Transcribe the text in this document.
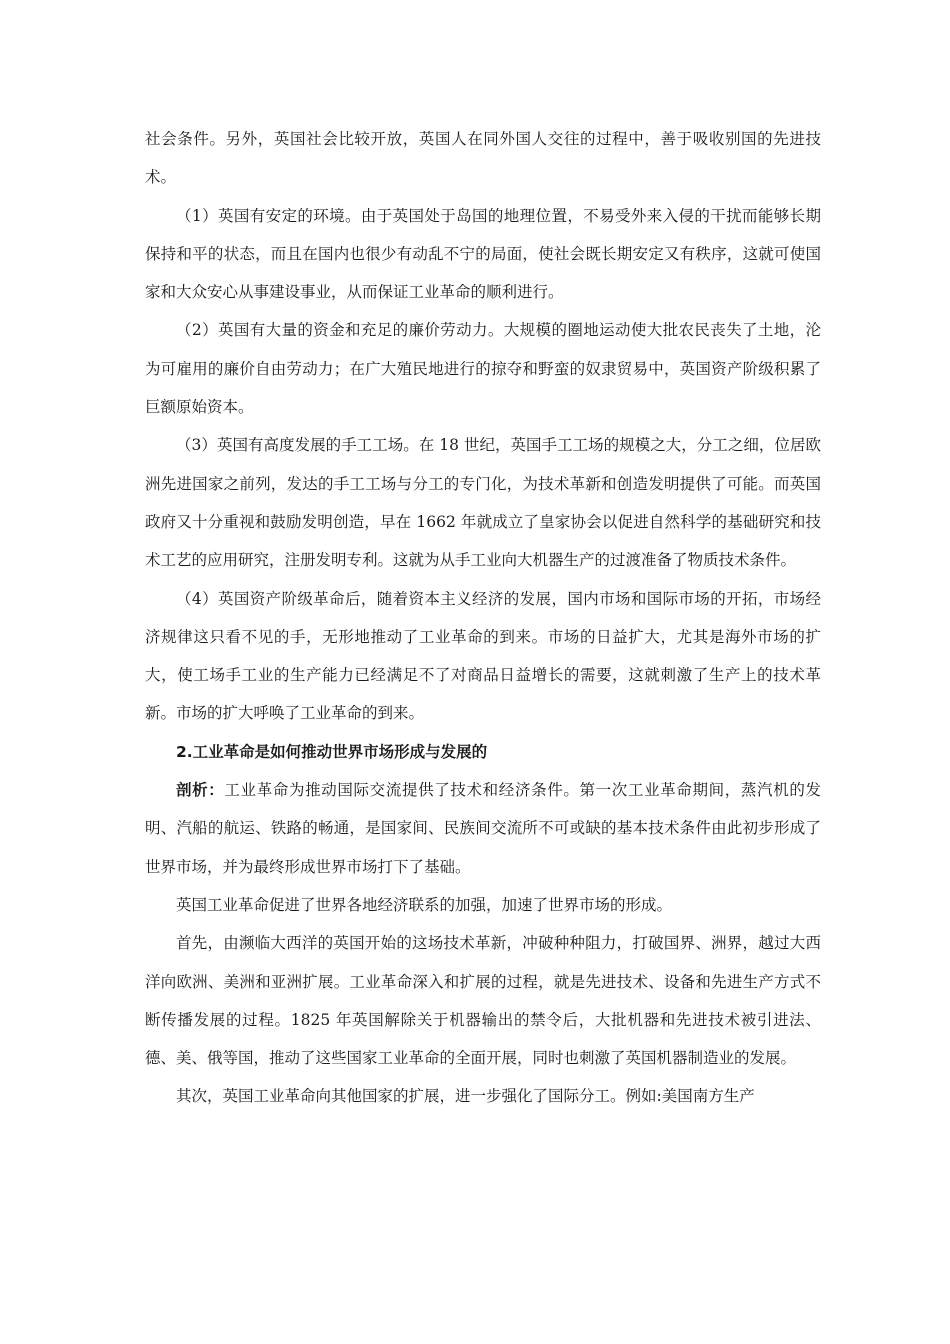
社会条件。另外，英国社会比较开放，英国人在同外国人交往的过程中，善于吸收别国的先进技术。

（1）英国有安定的环境。由于英国处于岛国的地理位置，不易受外来入侵的干扰而能够长期保持和平的状态，而且在国内也很少有动乱不宁的局面，使社会既长期安定又有秩序，这就可使国家和大众安心从事建设事业，从而保证工业革命的顺利进行。

（2）英国有大量的资金和充足的廉价劳动力。大规模的圈地运动使大批农民丧失了土地，沦为可雇用的廉价自由劳动力；在广大殖民地进行的掠夺和野蛮的奴隶贸易中，英国资产阶级积累了巨额原始资本。

（3）英国有高度发展的手工工场。在 18 世纪，英国手工工场的规模之大，分工之细，位居欧洲先进国家之前列，发达的手工工场与分工的专门化，为技术革新和创造发明提供了可能。而英国政府又十分重视和鼓励发明创造，早在 1662 年就成立了皇家协会以促进自然科学的基础研究和技术工艺的应用研究，注册发明专利。这就为从手工业向大机器生产的过渡准备了物质技术条件。

（4）英国资产阶级革命后，随着资本主义经济的发展，国内市场和国际市场的开拓，市场经济规律这只看不见的手，无形地推动了工业革命的到来。市场的日益扩大，尤其是海外市场的扩大，使工场手工业的生产能力已经满足不了对商品日益增长的需要，这就刺激了生产上的技术革新。市场的扩大呼唤了工业革命的到来。

2.工业革命是如何推动世界市场形成与发展的

剖析：工业革命为推动国际交流提供了技术和经济条件。第一次工业革命期间，蒸汽机的发明、汽船的航运、铁路的畅通，是国家间、民族间交流所不可或缺的基本技术条件由此初步形成了世界市场，并为最终形成世界市场打下了基础。

英国工业革命促进了世界各地经济联系的加强，加速了世界市场的形成。

首先，由濒临大西洋的英国开始的这场技术革新，冲破种种阻力，打破国界、洲界，越过大西洋向欧洲、美洲和亚洲扩展。工业革命深入和扩展的过程，就是先进技术、设备和先进生产方式不断传播发展的过程。1825 年英国解除关于机器输出的禁令后，大批机器和先进技术被引进法、德、美、俄等国，推动了这些国家工业革命的全面开展，同时也刺激了英国机器制造业的发展。

其次，英国工业革命向其他国家的扩展，进一步强化了国际分工。例如:美国南方生产
